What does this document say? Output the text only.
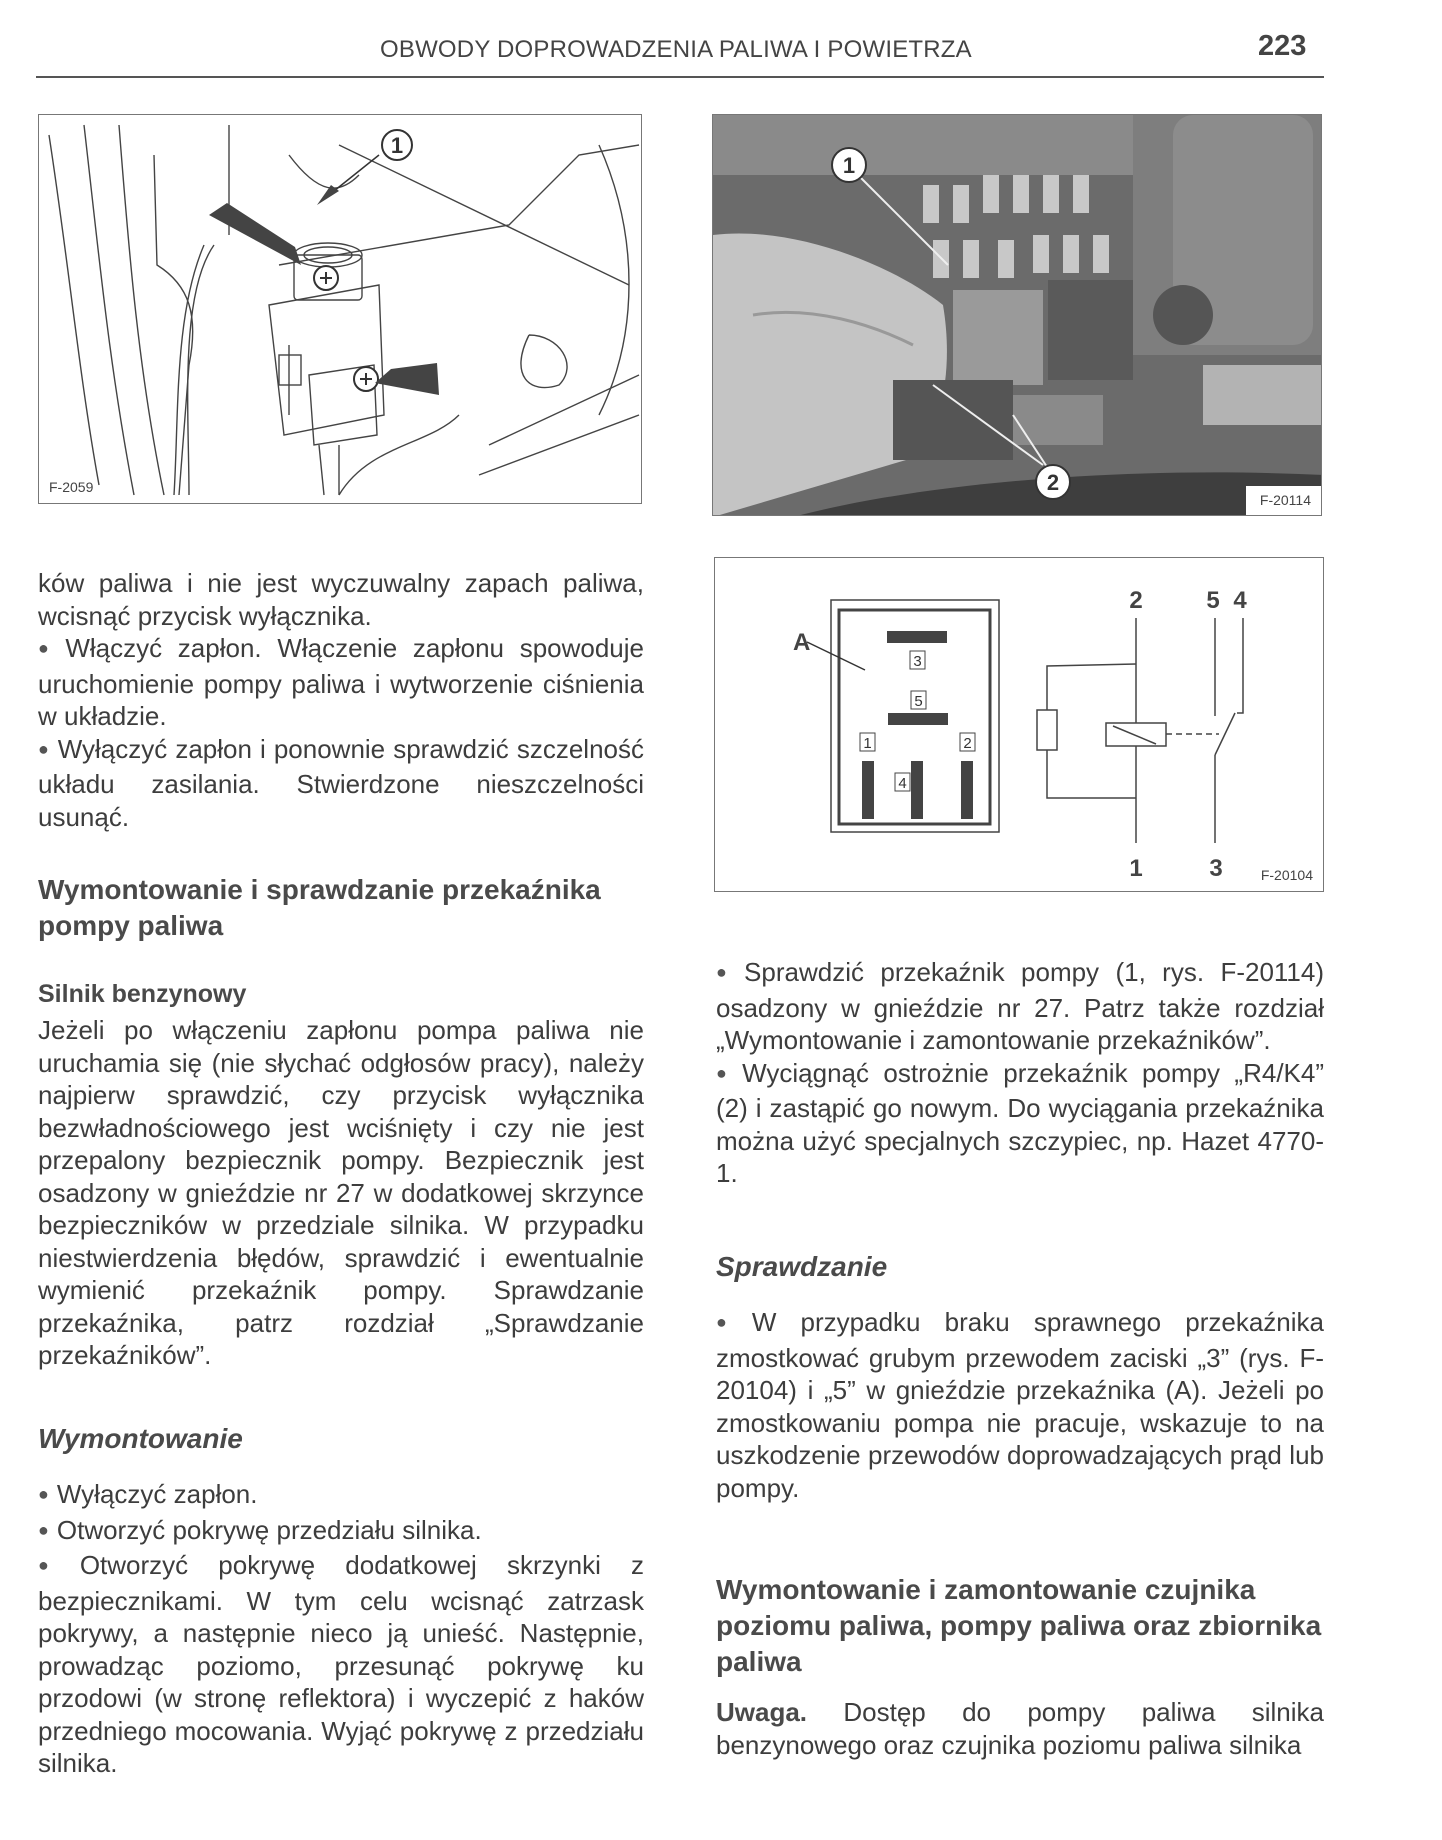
OBWODY DOPROWADZENIA PALIWA I POWIETRZA	223
1
F-2059
1
2
F-20114
3
5
1	2
4
A
2	5 4
1	3	F-20104

ków paliwa i nie jest wyczuwalny zapach paliwa, wcisnąć przycisk wyłącznika.

● Włączyć zapłon. Włączenie zapłonu spowoduje uruchomienie pompy paliwa i wytworzenie ciśnienia w układzie.

● Wyłączyć zapłon i ponownie sprawdzić szczelność układu zasilania. Stwierdzone nieszczelności usunąć.

Wymontowanie i sprawdzanie przekaźnika pompy paliwa
Silnik benzynowy

Jeżeli po włączeniu zapłonu pompa paliwa nie uruchamia się (nie słychać odgłosów pracy), należy najpierw sprawdzić, czy przycisk wyłącznika bezwładnościowego jest wciśnięty i czy nie jest przepalony bezpiecznik pompy. Bezpiecznik jest osadzony w gnieździe nr 27 w dodatkowej skrzynce bezpieczników w przedziale silnika. W przypadku niestwierdzenia błędów, sprawdzić i ewentualnie wymienić przekaźnik pompy. Sprawdzanie przekaźnika, patrz rozdział „Sprawdzanie przekaźników”.

Wymontowanie

● Wyłączyć zapłon.

● Otworzyć pokrywę przedziału silnika.

● Otworzyć pokrywę dodatkowej skrzynki z bezpiecznikami. W tym celu wcisnąć zatrzask pokrywy, a następnie nieco ją unieść. Następnie, prowadząc poziomo, przesunąć pokrywę ku przodowi (w stronę reflektora) i wyczepić z haków przedniego mocowania. Wyjąć pokrywę z przedziału silnika.

● Sprawdzić przekaźnik pompy (1, rys. F-20114) osadzony w gnieździe nr 27. Patrz także rozdział „Wymontowanie i zamontowanie przekaźników”.

● Wyciągnąć ostrożnie przekaźnik pompy „R4/K4” (2) i zastąpić go nowym. Do wyciągania przekaźnika można użyć specjalnych szczypiec, np. Hazet 4770-1.

Sprawdzanie

● W przypadku braku sprawnego przekaźnika zmostkować grubym przewodem zaciski „3” (rys. F-20104) i „5” w gnieździe przekaźnika (A). Jeżeli po zmostkowaniu pompa nie pracuje, wskazuje to na uszkodzenie przewodów doprowadzających prąd lub pompy.

Wymontowanie i zamontowanie czujnika poziomu paliwa, pompy paliwa oraz zbiornika paliwa

Uwaga. Dostęp do pompy paliwa silnika benzynowego oraz czujnika poziomu paliwa silnika
